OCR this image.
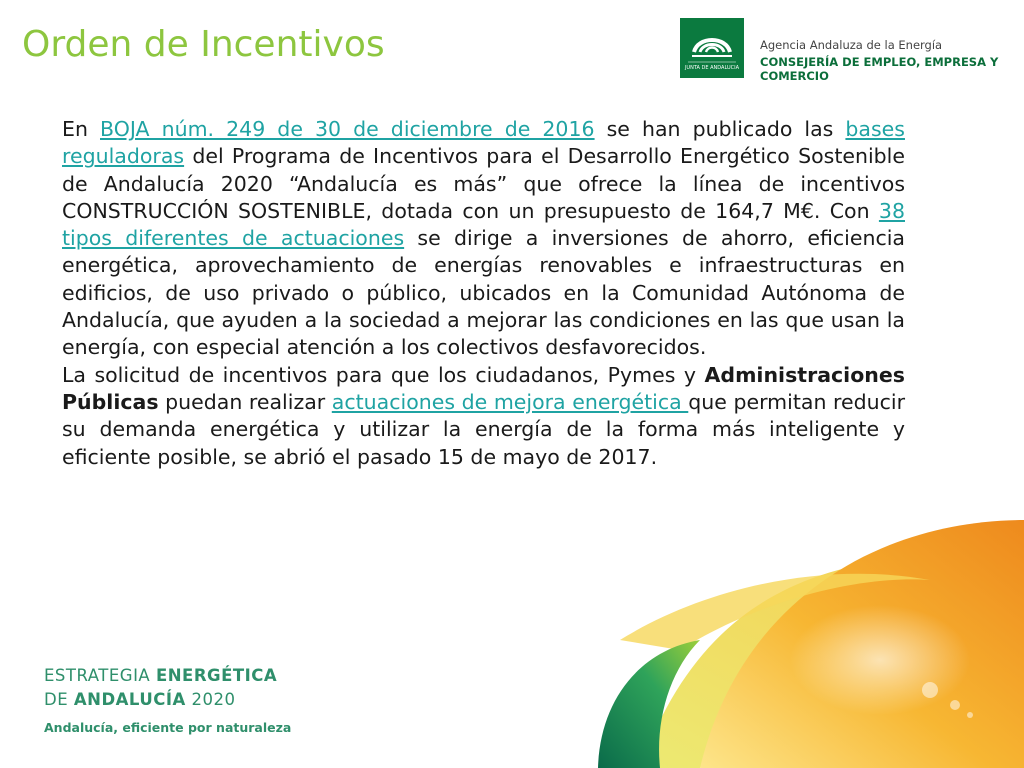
Orden de Incentivos
JUNTA DE ANDALUCIA
Agencia Andaluza de la Energía
CONSEJERÍA DE EMPLEO, EMPRESA Y COMERCIO

En BOJA núm. 249 de 30 de diciembre de 2016 se han publicado las bases reguladoras del Programa de Incentivos para el Desarrollo Energético Sostenible de Andalucía 2020 “Andalucía es más” que ofrece la línea de incentivos CONSTRUCCIÓN SOSTENIBLE, dotada con un presupuesto de 164,7 M€. Con 38 tipos diferentes de actuaciones se dirige a inversiones de ahorro, eficiencia energética, aprovechamiento de energías renovables e infraestructuras en edificios, de uso privado o público, ubicados en la Comunidad Autónoma de Andalucía, que ayuden a la sociedad a mejorar las condiciones en las que usan la energía, con especial atención a los colectivos desfavorecidos.

La solicitud de incentivos para que los ciudadanos, Pymes y Administraciones Públicas puedan realizar actuaciones de mejora energética que permitan reducir su demanda energética y utilizar la energía de la forma más inteligente y eficiente posible, se abrió el pasado 15 de mayo de 2017.

ESTRATEGIA ENERGÉTICA
DE ANDALUCÍA 2020
Andalucía, eficiente por naturaleza
